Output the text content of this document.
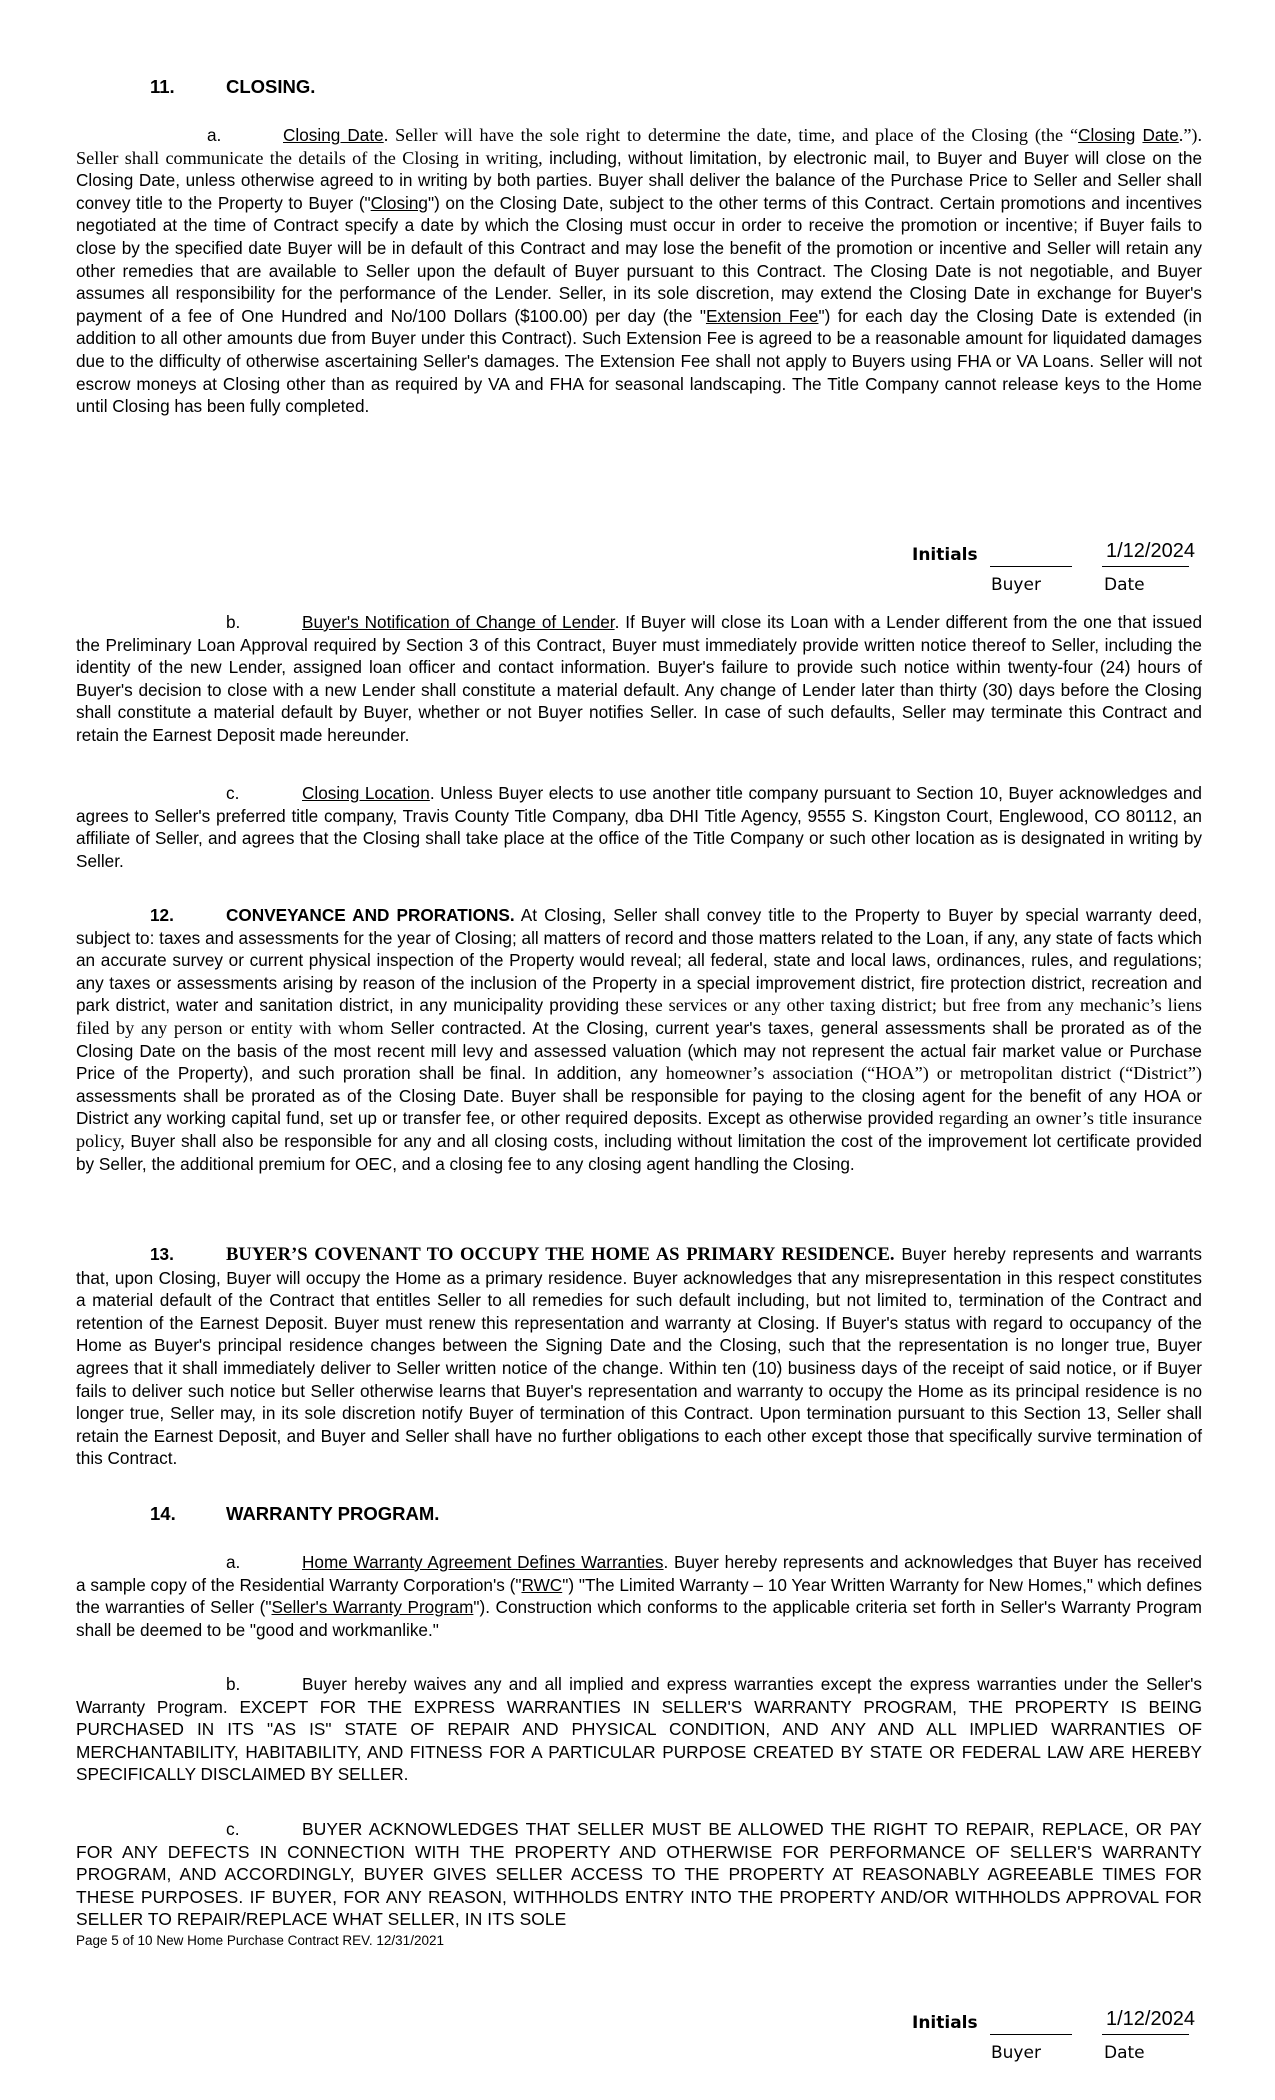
11.	CLOSING.

a.	Closing Date. Seller will have the sole right to determine the date, time, and place of the Closing (the “Closing Date.”). Seller shall communicate the details of the Closing in writing, including, without limitation, by electronic mail, to Buyer and Buyer will close on the Closing Date, unless otherwise agreed to in writing by both parties. Buyer shall deliver the balance of the Purchase Price to Seller and Seller shall convey title to the Property to Buyer ("Closing") on the Closing Date, subject to the other terms of this Contract. Certain promotions and incentives negotiated at the time of Contract specify a date by which the Closing must occur in order to receive the promotion or incentive; if Buyer fails to close by the specified date Buyer will be in default of this Contract and may lose the benefit of the promotion or incentive and Seller will retain any other remedies that are available to Seller upon the default of Buyer pursuant to this Contract. The Closing Date is not negotiable, and Buyer assumes all responsibility for the performance of the Lender. Seller, in its sole discretion, may extend the Closing Date in exchange for Buyer's payment of a fee of One Hundred and No/100 Dollars ($100.00) per day (the "Extension Fee") for each day the Closing Date is extended (in addition to all other amounts due from Buyer under this Contract). Such Extension Fee is agreed to be a reasonable amount for liquidated damages due to the difficulty of otherwise ascertaining Seller's damages. The Extension Fee shall not apply to Buyers using FHA or VA Loans. Seller will not escrow moneys at Closing other than as required by VA and FHA for seasonal landscaping. The Title Company cannot release keys to the Home until Closing has been fully completed.

Initials	1/12/2024
Buyer	Date

b.	Buyer's Notification of Change of Lender. If Buyer will close its Loan with a Lender different from the one that issued the Preliminary Loan Approval required by Section 3 of this Contract, Buyer must immediately provide written notice thereof to Seller, including the identity of the new Lender, assigned loan officer and contact information. Buyer's failure to provide such notice within twenty-four (24) hours of Buyer's decision to close with a new Lender shall constitute a material default. Any change of Lender later than thirty (30) days before the Closing shall constitute a material default by Buyer, whether or not Buyer notifies Seller. In case of such defaults, Seller may terminate this Contract and retain the Earnest Deposit made hereunder.

c.	Closing Location. Unless Buyer elects to use another title company pursuant to Section 10, Buyer acknowledges and agrees to Seller's preferred title company, Travis County Title Company, dba DHI Title Agency, 9555 S. Kingston Court, Englewood, CO 80112, an affiliate of Seller, and agrees that the Closing shall take place at the office of the Title Company or such other location as is designated in writing by Seller.

12.	CONVEYANCE AND PRORATIONS. At Closing, Seller shall convey title to the Property to Buyer by special warranty deed, subject to: taxes and assessments for the year of Closing; all matters of record and those matters related to the Loan, if any, any state of facts which an accurate survey or current physical inspection of the Property would reveal; all federal, state and local laws, ordinances, rules, and regulations; any taxes or assessments arising by reason of the inclusion of the Property in a special improvement district, fire protection district, recreation and park district, water and sanitation district, in any municipality providing these services or any other taxing district; but free from any mechanic’s liens filed by any person or entity with whom Seller contracted. At the Closing, current year's taxes, general assessments shall be prorated as of the Closing Date on the basis of the most recent mill levy and assessed valuation (which may not represent the actual fair market value or Purchase Price of the Property), and such proration shall be final. In addition, any homeowner’s association (“HOA”) or metropolitan district (“District”) assessments shall be prorated as of the Closing Date. Buyer shall be responsible for paying to the closing agent for the benefit of any HOA or District any working capital fund, set up or transfer fee, or other required deposits. Except as otherwise provided regarding an owner’s title insurance policy, Buyer shall also be responsible for any and all closing costs, including without limitation the cost of the improvement lot certificate provided by Seller, the additional premium for OEC, and a closing fee to any closing agent handling the Closing.

13.	BUYER’S COVENANT TO OCCUPY THE HOME AS PRIMARY RESIDENCE. Buyer hereby represents and warrants that, upon Closing, Buyer will occupy the Home as a primary residence. Buyer acknowledges that any misrepresentation in this respect constitutes a material default of the Contract that entitles Seller to all remedies for such default including, but not limited to, termination of the Contract and retention of the Earnest Deposit. Buyer must renew this representation and warranty at Closing. If Buyer's status with regard to occupancy of the Home as Buyer's principal residence changes between the Signing Date and the Closing, such that the representation is no longer true, Buyer agrees that it shall immediately deliver to Seller written notice of the change. Within ten (10) business days of the receipt of said notice, or if Buyer fails to deliver such notice but Seller otherwise learns that Buyer's representation and warranty to occupy the Home as its principal residence is no longer true, Seller may, in its sole discretion notify Buyer of termination of this Contract. Upon termination pursuant to this Section 13, Seller shall retain the Earnest Deposit, and Buyer and Seller shall have no further obligations to each other except those that specifically survive termination of this Contract.

14.	WARRANTY PROGRAM.

a.	Home Warranty Agreement Defines Warranties. Buyer hereby represents and acknowledges that Buyer has received a sample copy of the Residential Warranty Corporation's ("RWC") "The Limited Warranty – 10 Year Written Warranty for New Homes," which defines the warranties of Seller ("Seller's Warranty Program"). Construction which conforms to the applicable criteria set forth in Seller's Warranty Program shall be deemed to be "good and workmanlike."

b.	Buyer hereby waives any and all implied and express warranties except the express warranties under the Seller's Warranty Program. EXCEPT FOR THE EXPRESS WARRANTIES IN SELLER'S WARRANTY PROGRAM, THE PROPERTY IS BEING PURCHASED IN ITS "AS IS" STATE OF REPAIR AND PHYSICAL CONDITION, AND ANY AND ALL IMPLIED WARRANTIES OF MERCHANTABILITY, HABITABILITY, AND FITNESS FOR A PARTICULAR PURPOSE CREATED BY STATE OR FEDERAL LAW ARE HEREBY SPECIFICALLY DISCLAIMED BY SELLER.

c.	BUYER ACKNOWLEDGES THAT SELLER MUST BE ALLOWED THE RIGHT TO REPAIR, REPLACE, OR PAY FOR ANY DEFECTS IN CONNECTION WITH THE PROPERTY AND OTHERWISE FOR PERFORMANCE OF SELLER'S WARRANTY PROGRAM, AND ACCORDINGLY, BUYER GIVES SELLER ACCESS TO THE PROPERTY AT REASONABLY AGREEABLE TIMES FOR THESE PURPOSES. IF BUYER, FOR ANY REASON, WITHHOLDS ENTRY INTO THE PROPERTY AND/OR WITHHOLDS APPROVAL FOR SELLER TO REPAIR/REPLACE WHAT SELLER, IN ITS SOLE

Page 5 of 10 New Home Purchase Contract REV. 12/31/2021
Initials	1/12/2024
Buyer	Date
